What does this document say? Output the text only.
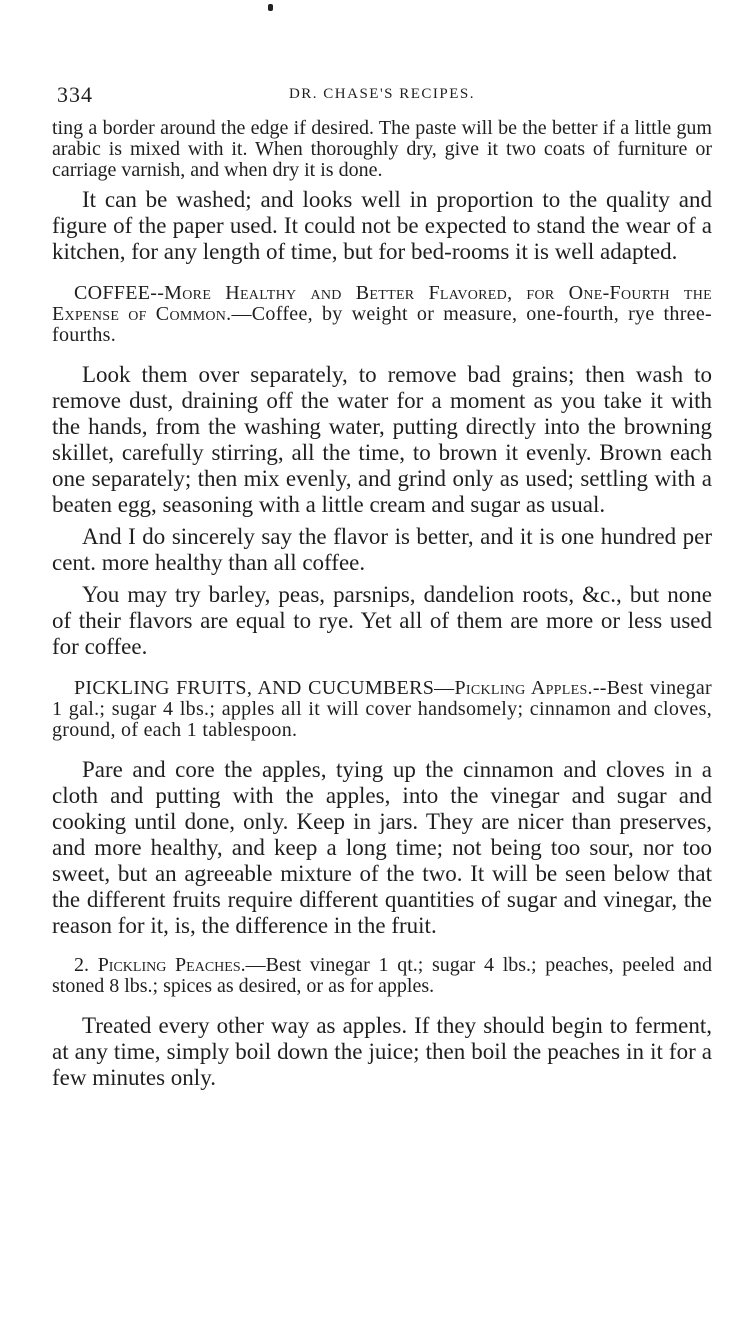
334	DR. CHASE'S RECIPES.

ting a border around the edge if desired. The paste will be the better if a little gum arabic is mixed with it. When thoroughly dry, give it two coats of furniture or carriage varnish, and when dry it is done.

It can be washed; and looks well in proportion to the quality and figure of the paper used. It could not be expected to stand the wear of a kitchen, for any length of time, but for bed-rooms it is well adapted.

COFFEE--More Healthy and Better Flavored, for One-Fourth the Expense of Common.—Coffee, by weight or measure, one-fourth, rye three-fourths.

Look them over separately, to remove bad grains; then wash to remove dust, draining off the water for a moment as you take it with the hands, from the washing water, putting directly into the browning skillet, carefully stirring, all the time, to brown it evenly. Brown each one separately; then mix evenly, and grind only as used; settling with a beaten egg, seasoning with a little cream and sugar as usual.

And I do sincerely say the flavor is better, and it is one hundred per cent. more healthy than all coffee.

You may try barley, peas, parsnips, dandelion roots, &c., but none of their flavors are equal to rye. Yet all of them are more or less used for coffee.

PICKLING FRUITS, AND CUCUMBERS—Pickling Apples.--Best vinegar 1 gal.; sugar 4 lbs.; apples all it will cover handsomely; cinnamon and cloves, ground, of each 1 tablespoon.

Pare and core the apples, tying up the cinnamon and cloves in a cloth and putting with the apples, into the vinegar and sugar and cooking until done, only. Keep in jars. They are nicer than preserves, and more healthy, and keep a long time; not being too sour, nor too sweet, but an agreeable mixture of the two. It will be seen below that the different fruits require different quantities of sugar and vinegar, the reason for it, is, the difference in the fruit.

2. Pickling Peaches.—Best vinegar 1 qt.; sugar 4 lbs.; peaches, peeled and stoned 8 lbs.; spices as desired, or as for apples.

Treated every other way as apples. If they should begin to ferment, at any time, simply boil down the juice; then boil the peaches in it for a few minutes only.
